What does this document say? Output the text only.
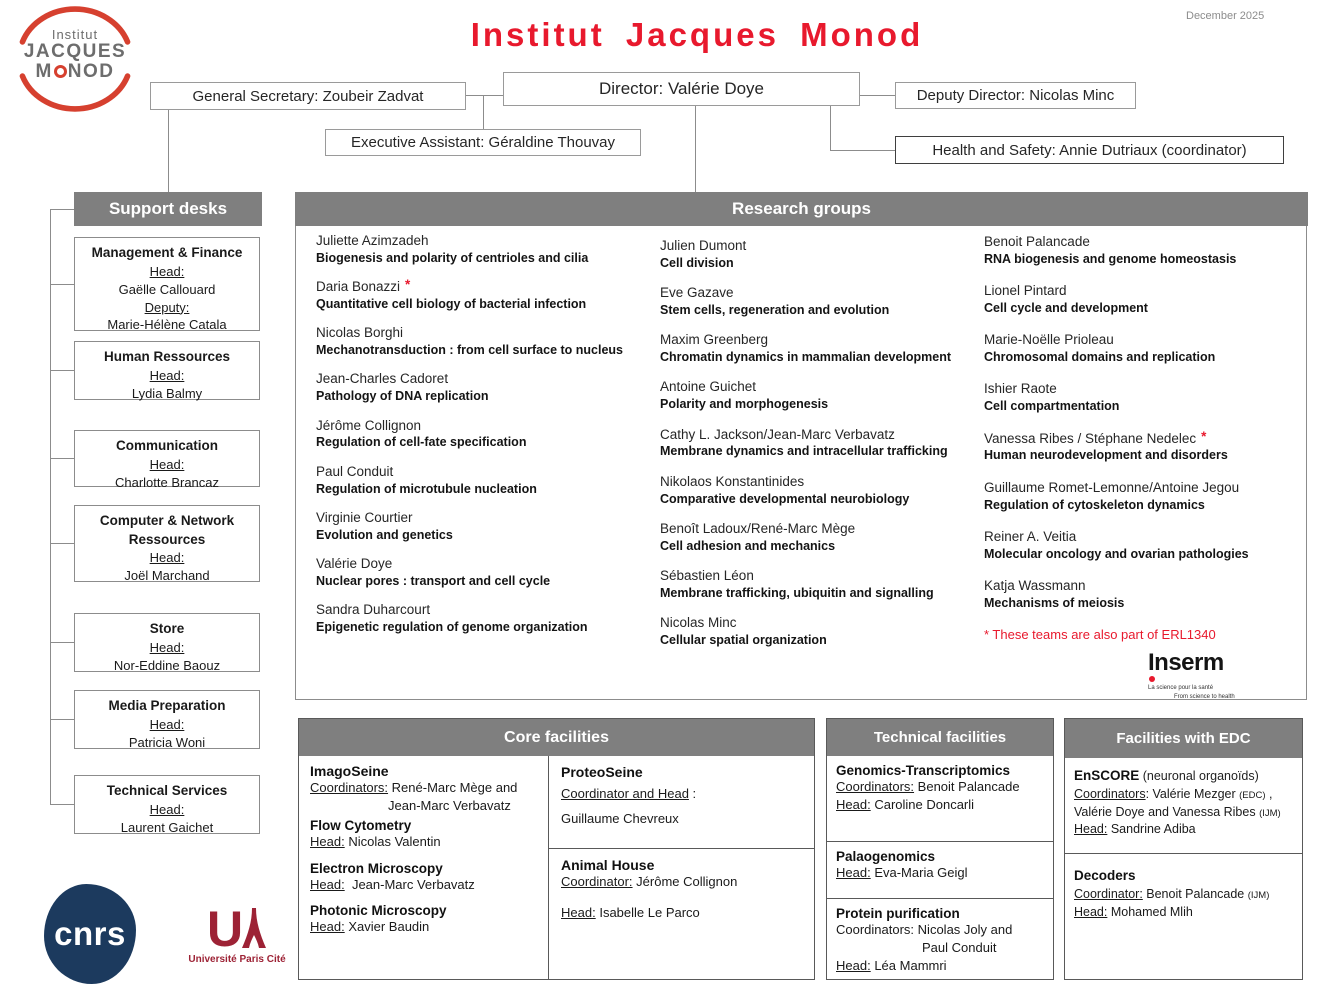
Institut
JACQUES
M NOD
Institut Jacques Monod	December 2025
General Secretary: Zoubeir Zadvat	Director: Valérie Doye	Deputy Director: Nicolas Minc
Executive Assistant: Géraldine Thouvay	Health and Safety: Annie Dutriaux (coordinator)
Support desks
Management & Finance
Head:
Gaëlle Callouard
Deputy:
Marie-Hélène Catala
Human Ressources
Head:
Lydia Balmy
Communication
Head:
Charlotte Brancaz
Computer & Network Ressources
Head:
Joël Marchand
Store
Head:
Nor-Eddine Baouz
Media Preparation
Head:
Patricia Woni
Technical Services
Head:
Laurent Gaichet
Research groups
Juliette Azimzadeh
Biogenesis and polarity of centrioles and cilia
Daria Bonazzi *
Quantitative cell biology of bacterial infection
Nicolas Borghi
Mechanotransduction : from cell surface to nucleus
Jean-Charles Cadoret
Pathology of DNA replication
Jérôme Collignon
Regulation of cell-fate specification
Paul Conduit
Regulation of microtubule nucleation
Virginie Courtier
Evolution and genetics
Valérie Doye
Nuclear pores : transport and cell cycle
Sandra Duharcourt
Epigenetic regulation of genome organization
Julien Dumont
Cell division
Eve Gazave
Stem cells, regeneration and evolution
Maxim Greenberg
Chromatin dynamics in mammalian development
Antoine Guichet
Polarity and morphogenesis
Cathy L. Jackson/Jean-Marc Verbavatz
Membrane dynamics and intracellular trafficking
Nikolaos Konstantinides
Comparative developmental neurobiology
Benoît Ladoux/René-Marc Mège
Cell adhesion and mechanics
Sébastien Léon
Membrane trafficking, ubiquitin and signalling
Nicolas Minc
Cellular spatial organization
Benoit Palancade
RNA biogenesis and genome homeostasis
Lionel Pintard
Cell cycle and development
Marie-Noëlle Prioleau
Chromosomal domains and replication
Ishier Raote
Cell compartmentation
Vanessa Ribes / Stéphane Nedelec *
Human neurodevelopment and disorders
Guillaume Romet-Lemonne/Antoine Jegou
Regulation of cytoskeleton dynamics
Reiner A. Veitia
Molecular oncology and ovarian pathologies
Katja Wassmann
Mechanisms of meiosis
* These teams are also part of ERL1340
Inserm
La science pour la santé
From science to health
Core facilities
ImagoSeine
Coordinators: René-Marc Mège and
Jean-Marc Verbavatz
Flow Cytometry
Head: Nicolas Valentin
Electron Microscopy
Head: Jean-Marc Verbavatz
Photonic Microscopy
Head: Xavier Baudin
ProteoSeine
Coordinator and Head :
Guillaume Chevreux
Animal House
Coordinator: Jérôme Collignon
Head: Isabelle Le Parco
Technical facilities
Genomics-Transcriptomics
Coordinators: Benoit Palancade
Head: Caroline Doncarli
Palaogenomics
Head: Eva-Maria Geigl
Protein purification
Coordinators: Nicolas Joly and
Paul Conduit
Head: Léa Mammri
Facilities with EDC
EnSCORE (neuronal organoïds)
Coordinators: Valérie Mezger (EDC) ,
Valérie Doye and Vanessa Ribes (IJM)
Head: Sandrine Adiba
Decoders
Coordinator: Benoit Palancade (IJM)
Head: Mohamed Mlih
cnrs U
Université Paris Cité
